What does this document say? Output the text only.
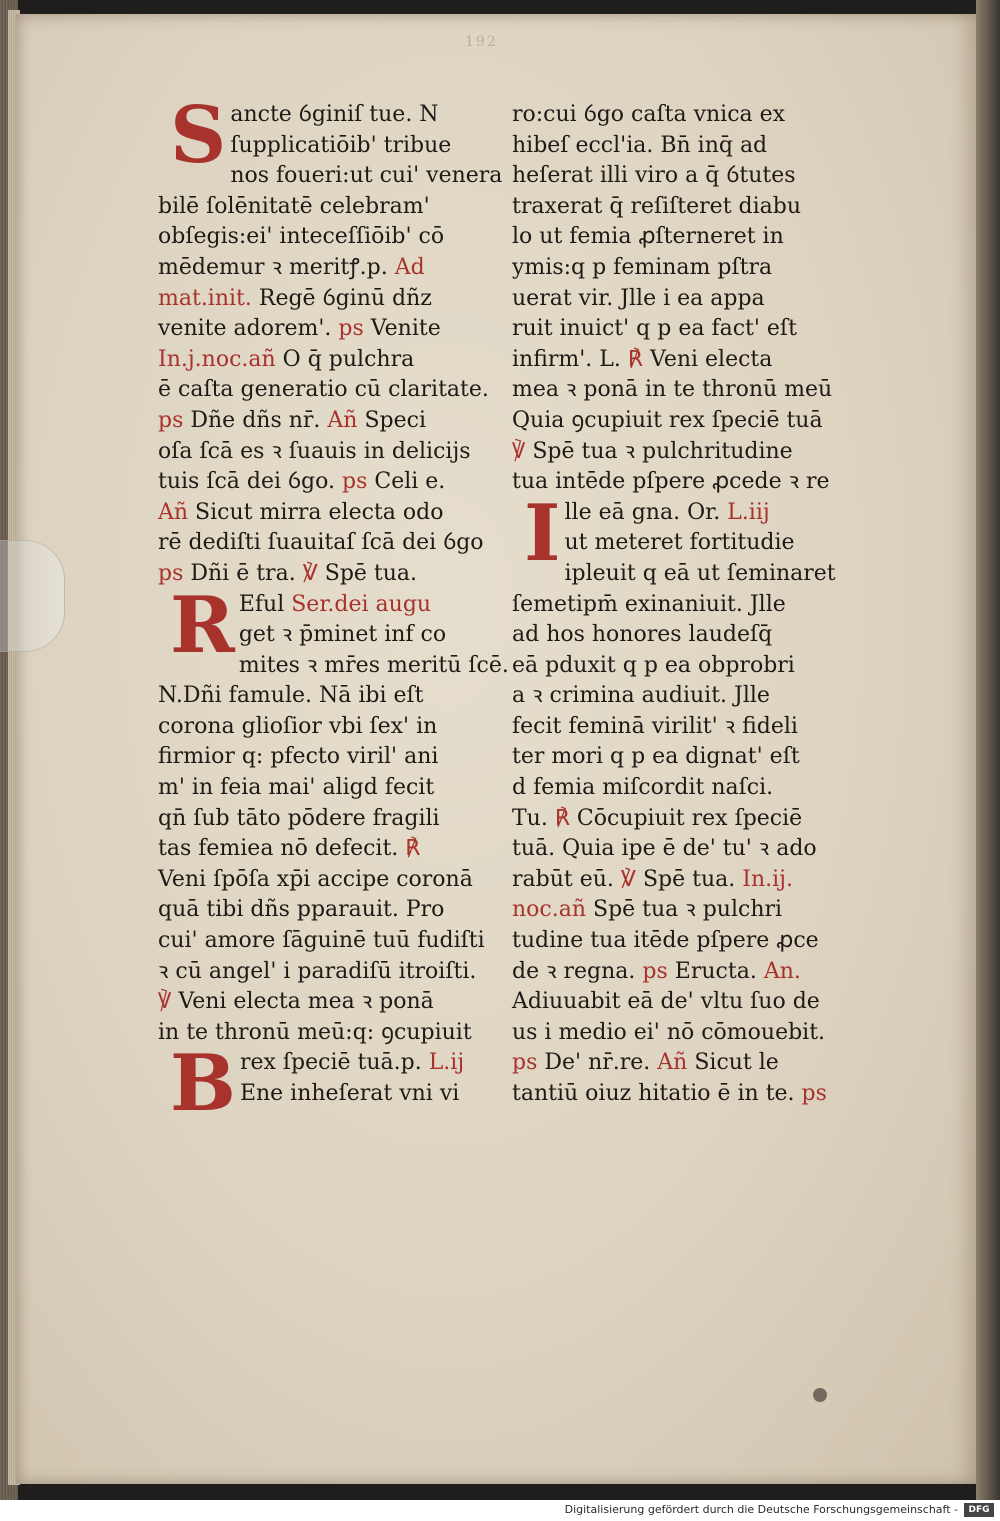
192
Sancte ỽginiſ tue. N
ſupplicatiōib' tribue
nos foueri:ut cui' venera
bilē ſolēnitatē celebram'
obſegis:ei' inteceſſiōib' cō
mēdemur ꝛ meritꝭ.p. Ad
mat.init. Regē ỽginū dñz
venite adorem'. ps Venite
In.j.noc.añ O q̄ pulchra
ē caſta generatio cū claritate.
ps Dñe dñs nr̄. Añ Speci
oſa ſcā es ꝛ ſuauis in delicijs
tuis ſcā dei ỽgo. ps Celi e.
Añ Sicut mirra electa odo
rē dediſti ſuauitaſ ſcā dei ỽgo
ps Dñi ē tra. ℣ Spē tua.
R Eful Ser.dei augu
get ꝛ p̄minet inf co
mites ꝛ mr̄es meritū ſcē.
N.Dñi famule. Nā ibi eſt
corona glioſior vbi ſex' in
firmior q: pfecto viril' ani
m' in feia mai' aligd fecit
qn̄ ſub tāto pōdere fragili
tas femiea nō defecit. ℟
Veni ſpōſa xp̄i accipe coronā
quā tibi dñs pparauit. Pro
cui' amore ſāguinē tuū fudiſti
ꝛ cū angel' i paradiſū itroiſti.
℣ Veni electa mea ꝛ ponā
in te thronū meū:q: ꝯcupiuit
Brex ſpeciē tuā.p. L.ij
Ene inheſerat vni vi
ro:cui ỽgo caſta vnica ex
hibeſ eccl'ia. Bn̄ inq̄ ad
heſerat illi viro a q̄ ỽtutes
traxerat q̄ reſiſteret diabu
lo ut femia ꝓſterneret in
ymis:q p feminam pſtra
uerat vir. Jlle i ea appa
ruit inuict' q p ea fact' eſt
infirm'. L. ℟ Veni electa
mea ꝛ ponā in te thronū meū
Quia ꝯcupiuit rex ſpeciē tuā
℣ Spē tua ꝛ pulchritudine
tua intēde pſpere ꝓcede ꝛ re
Ille eā gna. Or. L.iij
ut meteret fortitudie
ipleuit q eā ut ſeminaret
ſemetipm̄ exinaniuit. Jlle
ad hos honores laudeſq̄
eā pduxit q p ea obprobri
a ꝛ crimina audiuit. Jlle
fecit feminā virilit' ꝛ fideli
ter mori q p ea dignat' eſt
d femia miſcordit naſci.
Tu. ℟ Cōcupiuit rex ſpeciē
tuā. Quia ipe ē de' tu' ꝛ ado
rabūt eū. ℣ Spē tua. In.ij.
noc.añ Spē tua ꝛ pulchri
tudine tua itēde pſpere ꝓce
de ꝛ regna. ps Eructa. An.
Adiuuabit eā de' vltu ſuo de
us i medio ei' nō cōmouebit.
ps De' nr̄.re. Añ Sicut le
tantiū oiuz hitatio ē in te. ps
Digitalisierung gefördert durch die Deutsche Forschungsgemeinschaft -	DFG
